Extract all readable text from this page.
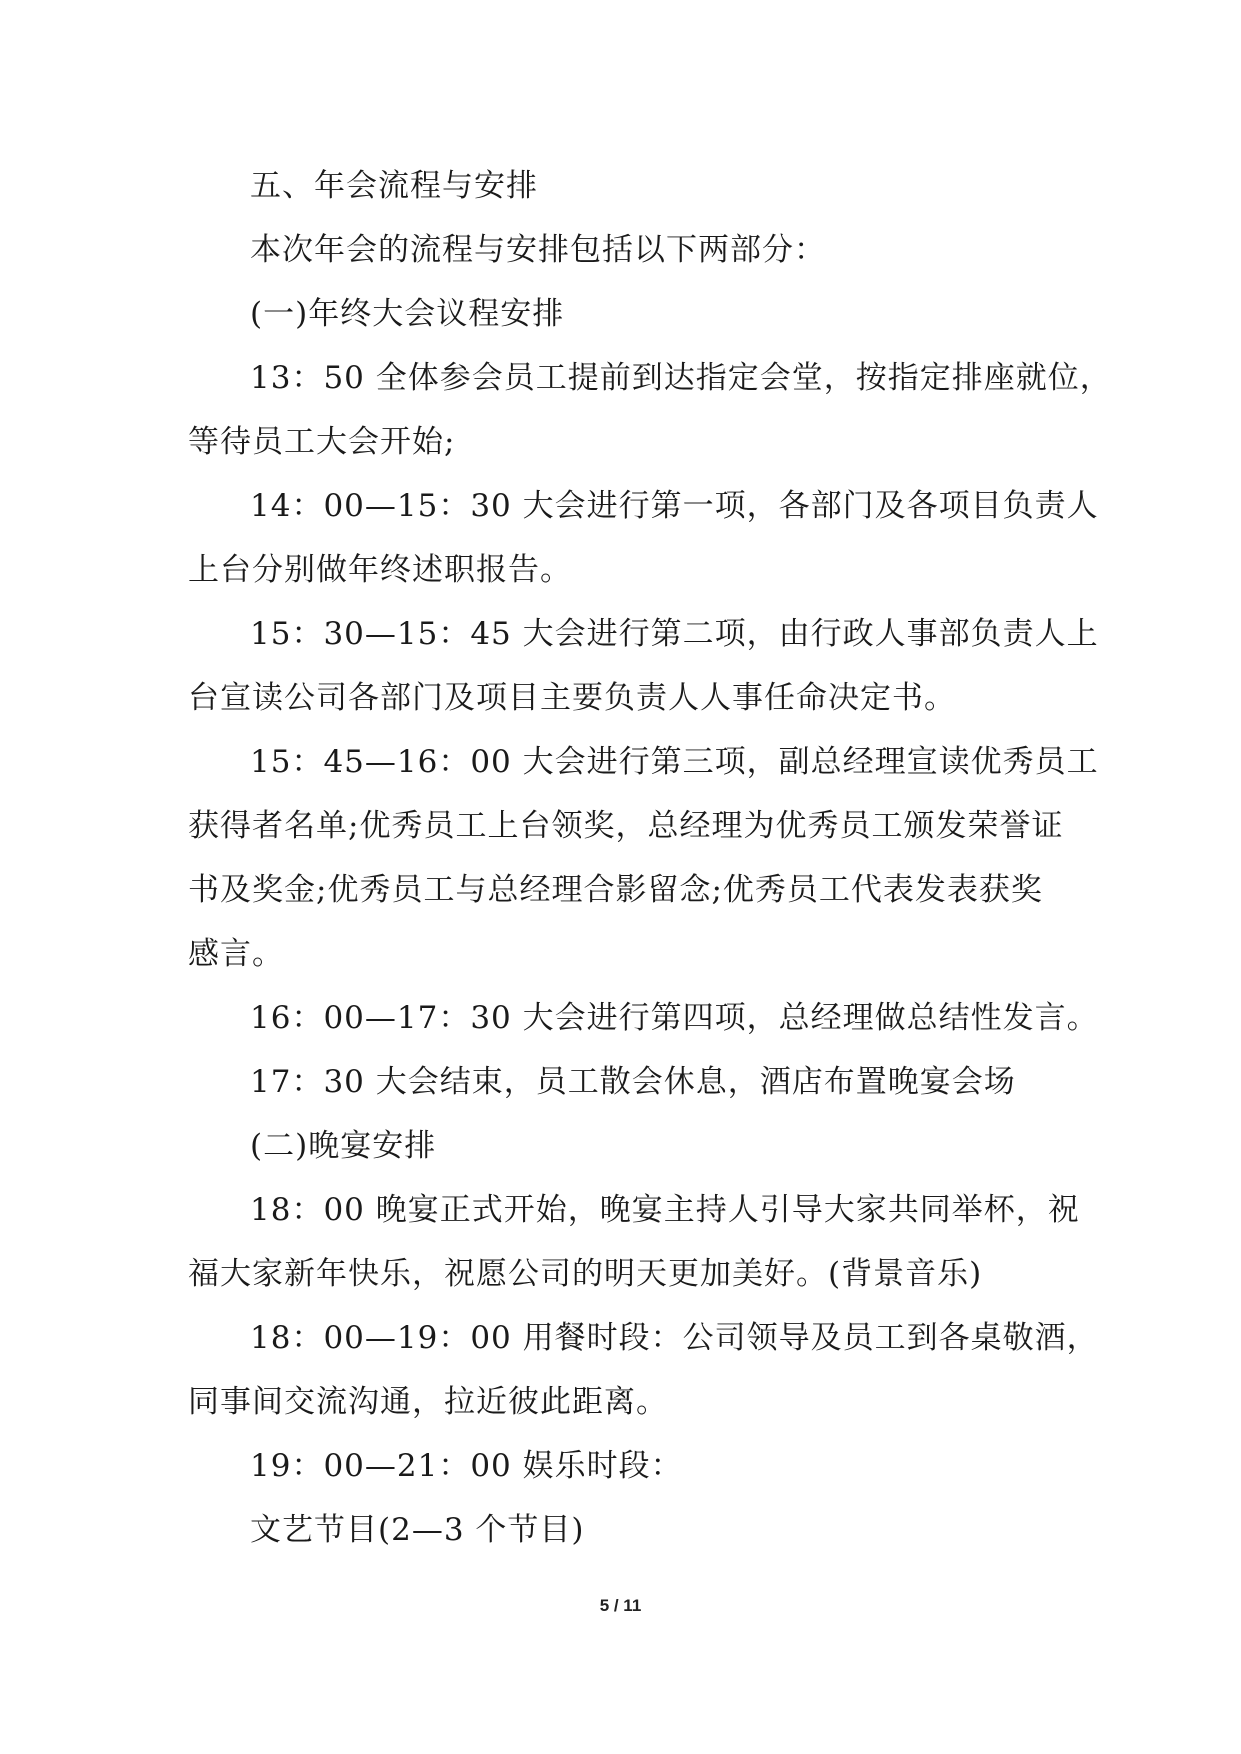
五、年会流程与安排
本次年会的流程与安排包括以下两部分：
(一)年终大会议程安排
13：50 全体参会员工提前到达指定会堂，按指定排座就位，
等待员工大会开始;
14：00—15：30 大会进行第一项，各部门及各项目负责人
上台分别做年终述职报告。
15：30—15：45 大会进行第二项，由行政人事部负责人上
台宣读公司各部门及项目主要负责人人事任命决定书。
15：45—16：00 大会进行第三项，副总经理宣读优秀员工
获得者名单;优秀员工上台领奖，总经理为优秀员工颁发荣誉证
书及奖金;优秀员工与总经理合影留念;优秀员工代表发表获奖
感言。
16：00—17：30 大会进行第四项，总经理做总结性发言。
17：30 大会结束，员工散会休息，酒店布置晚宴会场
(二)晚宴安排
18：00 晚宴正式开始，晚宴主持人引导大家共同举杯，祝
福大家新年快乐，祝愿公司的明天更加美好。(背景音乐)
18：00—19：00 用餐时段：公司领导及员工到各桌敬酒，
同事间交流沟通，拉近彼此距离。
19：00—21：00 娱乐时段：
文艺节目(2—3 个节目)
5 / 11
